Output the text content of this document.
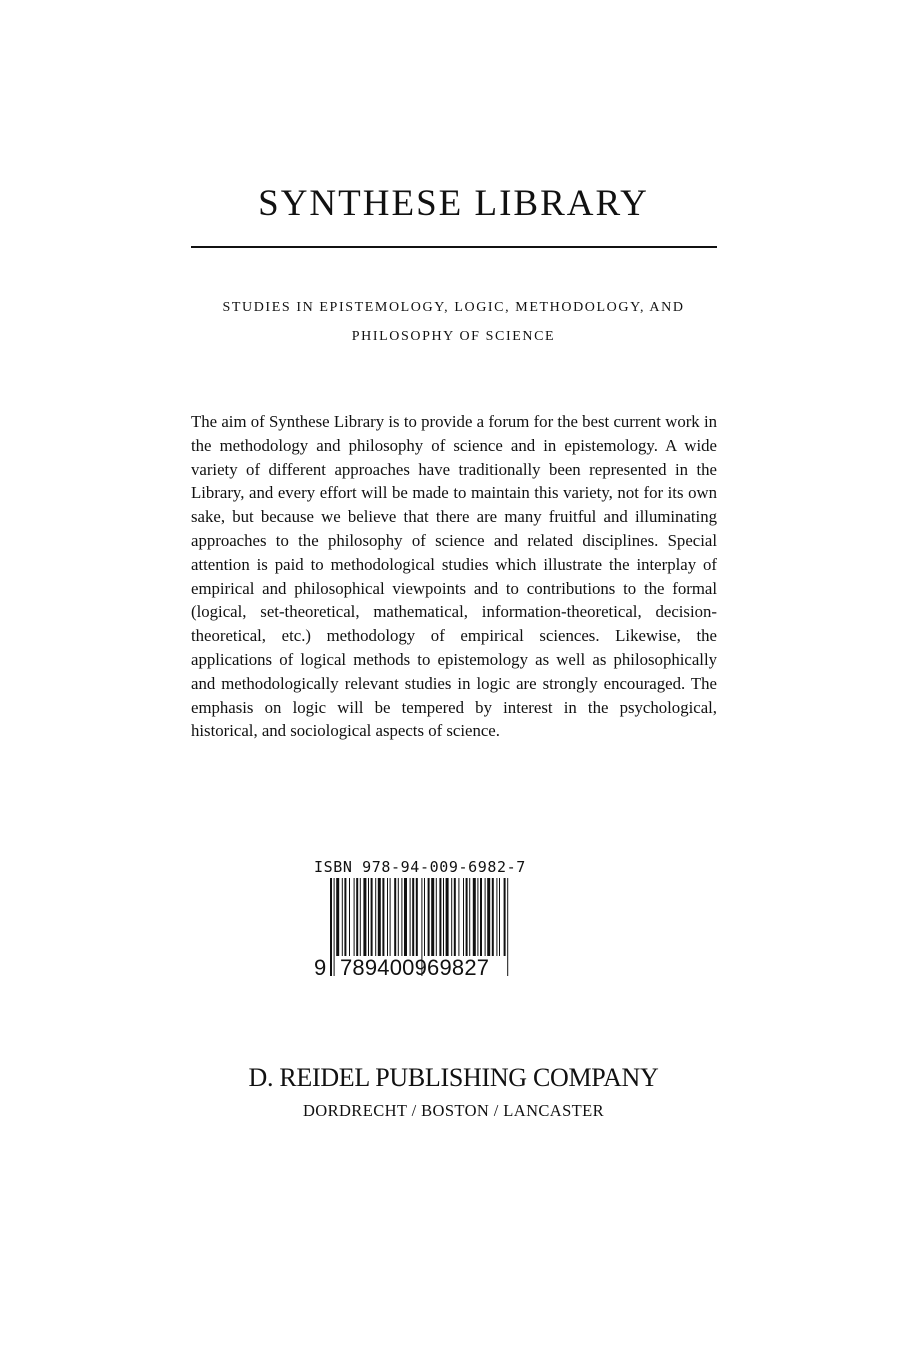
SYNTHESE LIBRARY
STUDIES IN EPISTEMOLOGY, LOGIC, METHODOLOGY, AND
PHILOSOPHY OF SCIENCE

The aim of Synthese Library is to provide a forum for the best current work in the methodology and philosophy of science and in epistemology. A wide variety of different approaches have traditionally been represented in the Library, and every effort will be made to maintain this variety, not for its own sake, but because we believe that there are many fruitful and illuminating approaches to the philosophy of science and related disciplines. Special attention is paid to methodological studies which illustrate the interplay of empirical and philosophical viewpoints and to contributions to the formal (logical, set-theoretical, mathematical, information-theoretical, decision-theoretical, etc.) methodology of empirical sciences. Likewise, the applications of logical methods to epistemology as well as philosophically and methodologically relevant studies in logic are strongly encouraged. The emphasis on logic will be tempered by interest in the psychological, historical, and sociological aspects of science.

ISBN 978-94-009-6982-7
9 789400969827
D. REIDEL PUBLISHING COMPANY
DORDRECHT / BOSTON / LANCASTER
